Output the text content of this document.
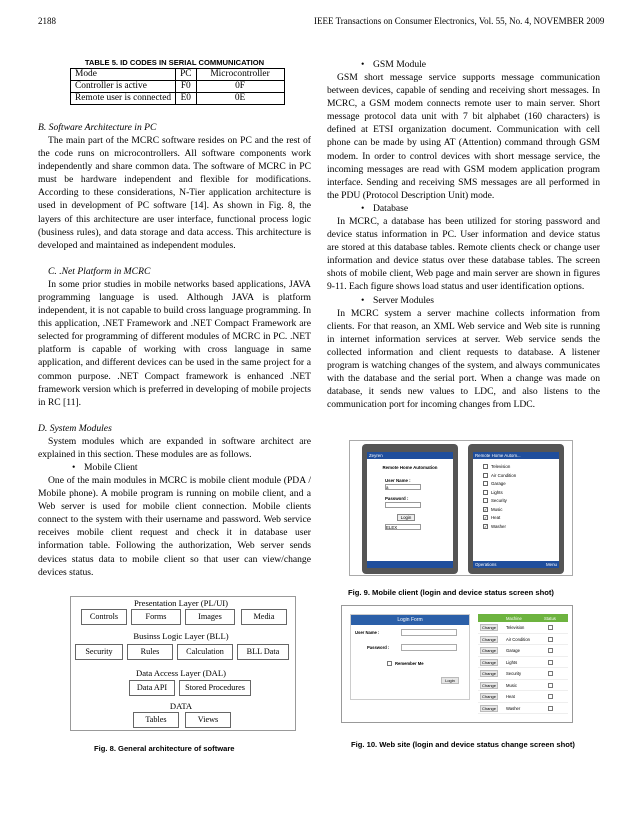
2188	IEEE Transactions on Consumer Electronics, Vol. 55, No. 4, NOVEMBER 2009
TABLE 5. ID CODES IN SERIAL COMMUNICATION
Mode	PC	Microcontroller
Controller is active	F0	0F
Remote user is connected	E0	0E
B. Software Architecture in PC

The main part of the MCRC software resides on PC and the rest of the code runs on microcontrollers. All software components work independently and share common data. The software of MCRC in PC must be hardware independent and flexible for modifications. According to these considerations, N-Tier application architecture is used in development of PC software [14]. As shown in Fig. 8, the layers of this architecture are user interface, functional process logic (business rules), and data storage and data access. This architecture is developed and maintained as independent modules.

C. .Net Platform in MCRC

In some prior studies in mobile networks based applications, JAVA programming language is used. Although JAVA is platform independent, it is not capable to build cross language programming. In this application, .NET Framework and .NET Compact Framework are selected for programming of different modules of MCRC in PC. .NET platform is capable of working with cross language in same application, and different devices can be used in the same project for a common purpose. .NET Compact framework is enhanced .NET framework version which is preferred in developing of mobile projects in RC [11].

D. System Modules

System modules which are expanded in software architect are explained in this section. These modules are as follows.

• Mobile Client

One of the main modules in MCRC is mobile client module (PDA / Mobile phone). A mobile program is running on mobile client, and a Web server is used for mobile client connection. Mobile clients connect to the system with their username and password. Web service receives mobile client request and check it in database user information table. Following the authorization, Web server sends devices status data to mobile client so that user can view/change devices status.

Presentation Layer (PL/UI)
Controls	Forms	Images	Media
Businss Logic Layer (BLL)
Security	Rules	Calculation	BLL Data
Data Access Layer (DAL)
Data API	Stored Procedures
DATA
Tables	Views
Fig. 8. General architecture of software
• GSM Module

GSM short message service supports message communication between devices, capable of sending and receiving short messages. In MCRC, a GSM modem connects remote user to main server. Short message protocol data unit with 7 bit alphabet (160 characters) is defined at ETSI organization document. Communication with cell phone can be made by using AT (Attention) command through GSM modem. In order to control devices with short message service, the incoming messages are read with GSM modem application program interface. Sending and receiving SMS messages are all performed in the PDU (Protocol Description Unit) mode.

• Database

In MCRC, a database has been utilized for storing password and device status information in PC. User information and device status are stored at this database tables. Remote clients check or change user information and device status over these database tables. The screen shots of mobile client, Web page and main server are shown in figures 9-11. Each figure shows load status and user identification options.

• Server Modules

In MCRC system a server machine collects information from clients. For that reason, an XML Web service and Web site is running in internet information services at server. Web service sends the collected information and client requests to database. A listener program is watching changes of the system, and always communicates with the database and the serial port. When a change was made on database, it sends new values to LDC, and also listens to the communication port for incoming changes from LDC.

Zeyren
Remote Home Automation
User Name :
a
Password :
Login
ELEX
Remote Home Autom...
Television
Air Condition
Garage
Lights
Security
✓ Music
✓ Heat
✓ Washer
Operations	Menu
Fig. 9. Mobile client (login and device status screen shot)
Login Form
User Name :
Password :
Remember Me
Login
Machine	Status
Change	Television
Change	Air Condition
Change	Garage
Change	Lights
Change	Security
Change	Music
Change	Heat
Change	Washer
Fig. 10. Web site (login and device status change screen shot)
